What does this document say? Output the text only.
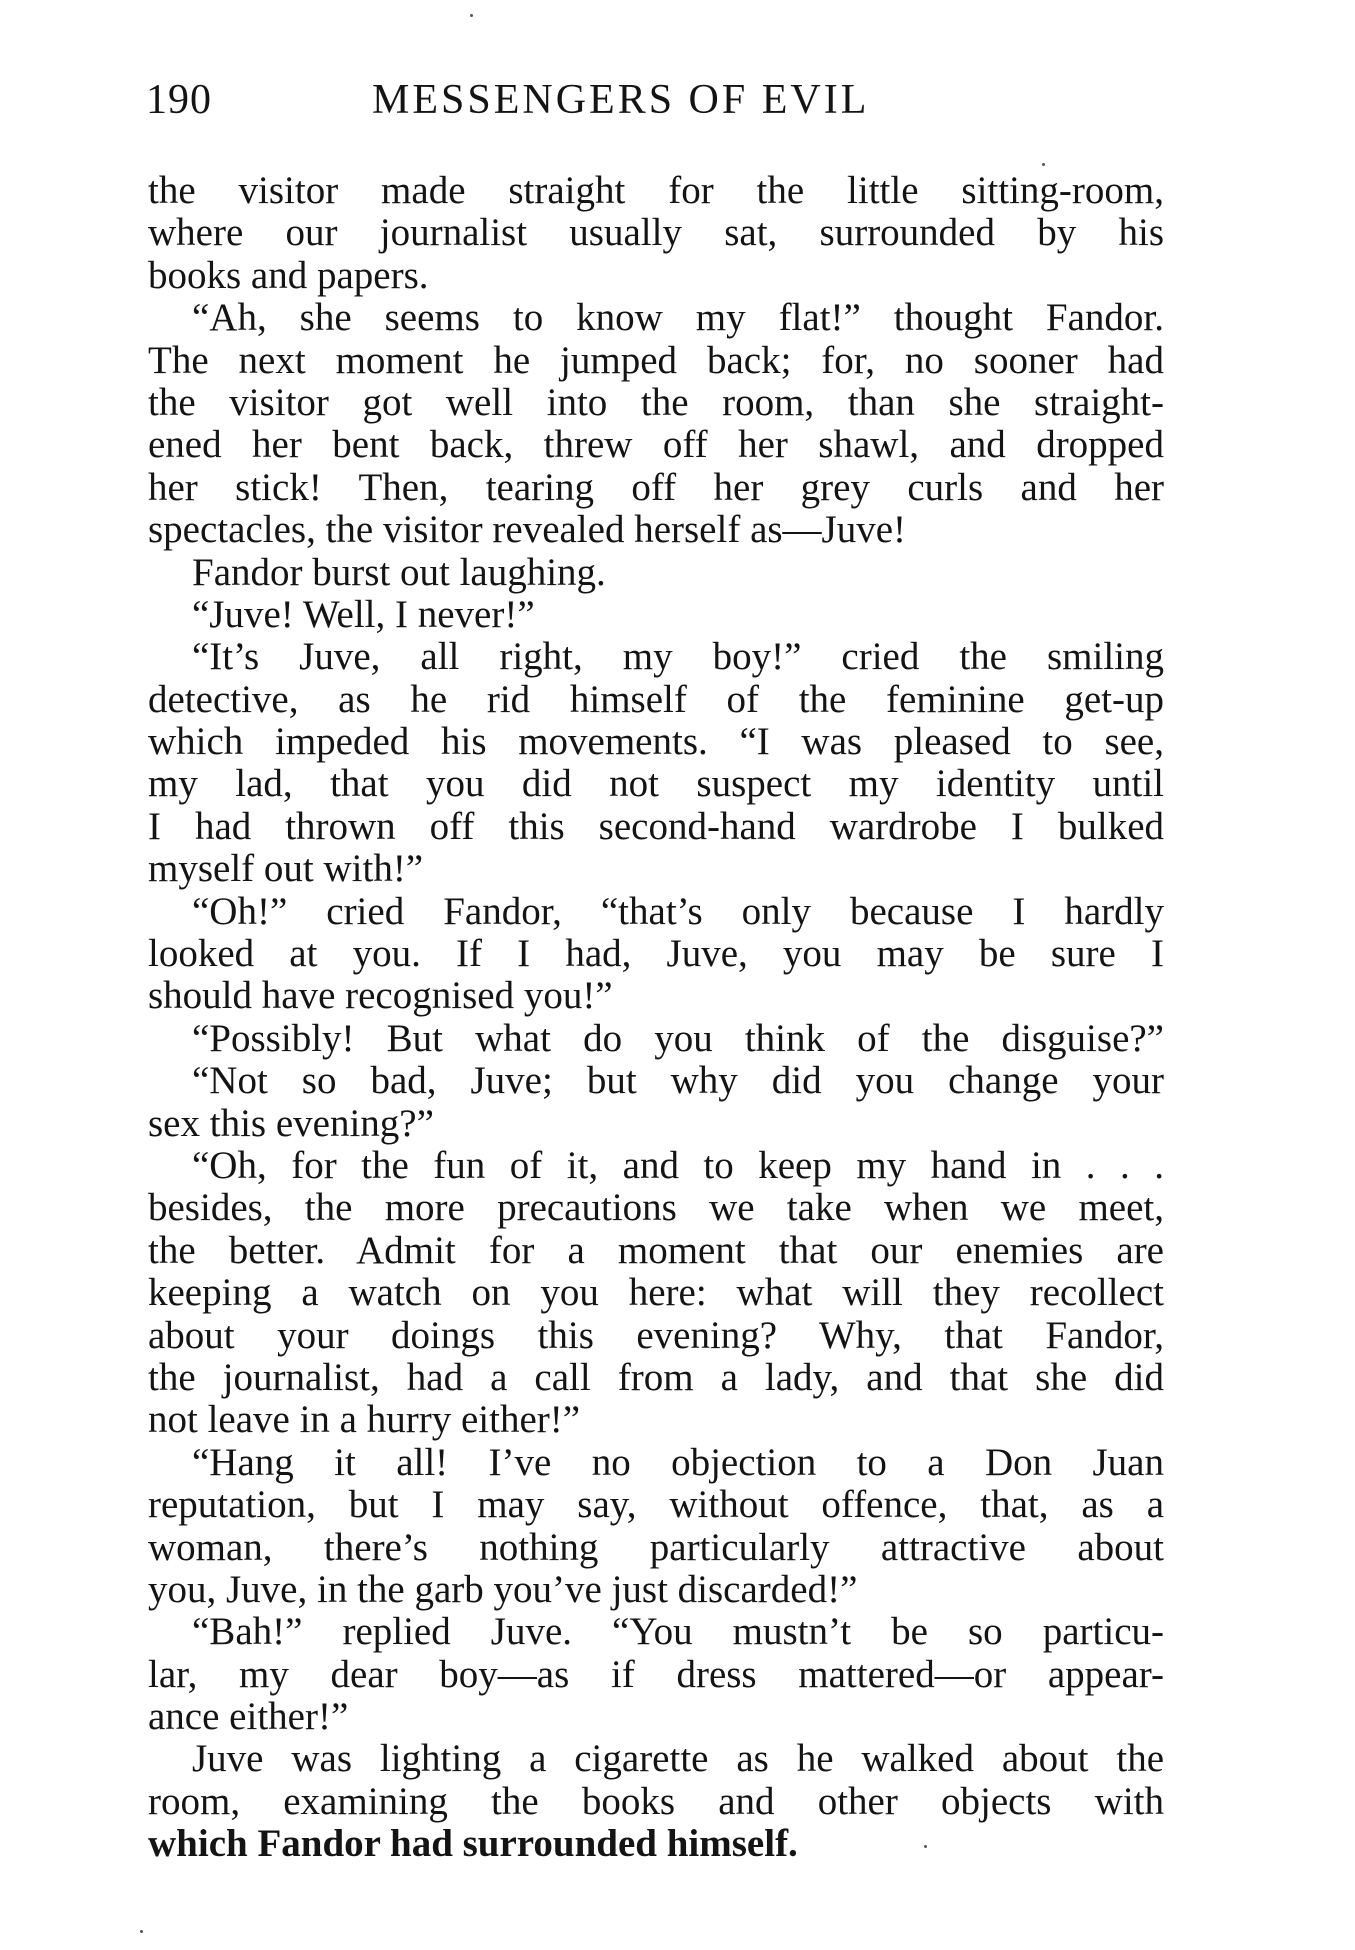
190	MESSENGERS OF EVIL
the visitor made straight for the little sitting-room,
where our journalist usually sat, surrounded by his
books and papers.
“Ah, she seems to know my flat!” thought Fandor.
The next moment he jumped back; for, no sooner had
the visitor got well into the room, than she straight-
ened her bent back, threw off her shawl, and dropped
her stick! Then, tearing off her grey curls and her
spectacles, the visitor revealed herself as—Juve!
Fandor burst out laughing.
“Juve! Well, I never!”
“It’s Juve, all right, my boy!” cried the smiling
detective, as he rid himself of the feminine get-up
which impeded his movements. “I was pleased to see,
my lad, that you did not suspect my identity until
I had thrown off this second-hand wardrobe I bulked
myself out with!”
“Oh!” cried Fandor, “that’s only because I hardly
looked at you. If I had, Juve, you may be sure I
should have recognised you!”
“Possibly! But what do you think of the disguise?”
“Not so bad, Juve; but why did you change your
sex this evening?”
“Oh, for the fun of it, and to keep my hand in . . .
besides, the more precautions we take when we meet,
the better. Admit for a moment that our enemies are
keeping a watch on you here: what will they recollect
about your doings this evening? Why, that Fandor,
the journalist, had a call from a lady, and that she did
not leave in a hurry either!”
“Hang it all! I’ve no objection to a Don Juan
reputation, but I may say, without offence, that, as a
woman, there’s nothing particularly attractive about
you, Juve, in the garb you’ve just discarded!”
“Bah!” replied Juve. “You mustn’t be so particu-
lar, my dear boy—as if dress mattered—or appear-
ance either!”
Juve was lighting a cigarette as he walked about the
room, examining the books and other objects with
which Fandor had surrounded himself.
